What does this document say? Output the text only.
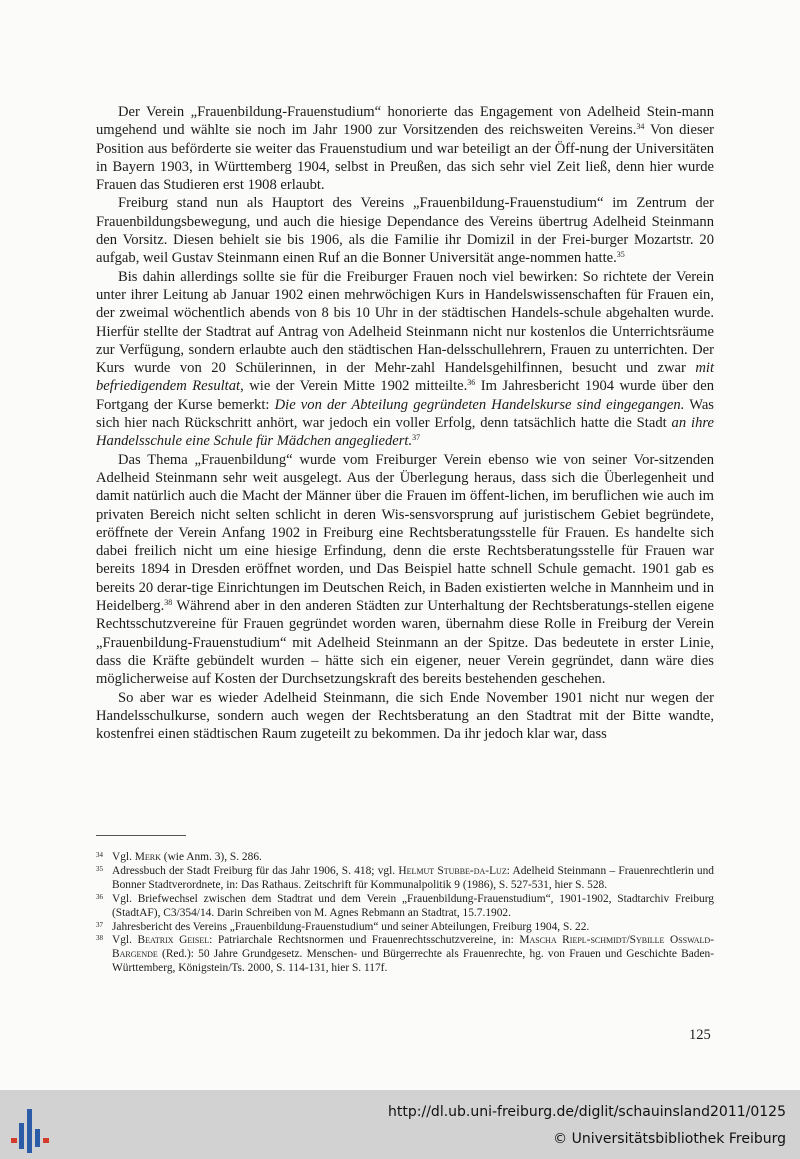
Der Verein „Frauenbildung-Frauenstudium“ honorierte das Engagement von Adelheid Stein-mann umgehend und wählte sie noch im Jahr 1900 zur Vorsitzenden des reichsweiten Vereins.$^{34}$ Von dieser Position aus beförderte sie weiter das Frauenstudium und war beteiligt an der Öff-nung der Universitäten in Bayern 1903, in Württemberg 1904, selbst in Preußen, das sich sehr viel Zeit ließ, denn hier wurde Frauen das Studieren erst 1908 erlaubt.

Freiburg stand nun als Hauptort des Vereins „Frauenbildung-Frauenstudium“ im Zentrum der Frauenbildungsbewegung, und auch die hiesige Dependance des Vereins übertrug Adelheid Steinmann den Vorsitz. Diesen behielt sie bis 1906, als die Familie ihr Domizil in der Frei-burger Mozartstr. 20 aufgab, weil Gustav Steinmann einen Ruf an die Bonner Universität ange-nommen hatte.$^{35}$

Bis dahin allerdings sollte sie für die Freiburger Frauen noch viel bewirken: So richtete der Verein unter ihrer Leitung ab Januar 1902 einen mehrwöchigen Kurs in Handelswissenschaften für Frauen ein, der zweimal wöchentlich abends von 8 bis 10 Uhr in der städtischen Handels-schule abgehalten wurde. Hierfür stellte der Stadtrat auf Antrag von Adelheid Steinmann nicht nur kostenlos die Unterrichtsräume zur Verfügung, sondern erlaubte auch den städtischen Han-delsschullehrern, Frauen zu unterrichten. Der Kurs wurde von 20 Schülerinnen, in der Mehr-zahl Handelsgehilfinnen, besucht und zwar mit befriedigendem Resultat, wie der Verein Mitte 1902 mitteilte.$^{36}$ Im Jahresbericht 1904 wurde über den Fortgang der Kurse bemerkt: Die von der Abteilung gegründeten Handelskurse sind eingegangen. Was sich hier nach Rückschritt anhört, war jedoch ein voller Erfolg, denn tatsächlich hatte die Stadt an ihre Handelsschule eine Schule für Mädchen angegliedert.$^{37}$

Das Thema „Frauenbildung“ wurde vom Freiburger Verein ebenso wie von seiner Vor-sitzenden Adelheid Steinmann sehr weit ausgelegt. Aus der Überlegung heraus, dass sich die Überlegenheit und damit natürlich auch die Macht der Männer über die Frauen im öffent-lichen, im beruflichen wie auch im privaten Bereich nicht selten schlicht in deren Wis-sensvorsprung auf juristischem Gebiet begründete, eröffnete der Verein Anfang 1902 in Freiburg eine Rechtsberatungsstelle für Frauen. Es handelte sich dabei freilich nicht um eine hiesige Erfindung, denn die erste Rechtsberatungsstelle für Frauen war bereits 1894 in Dresden eröffnet worden, und Das Beispiel hatte schnell Schule gemacht. 1901 gab es bereits 20 derar-tige Einrichtungen im Deutschen Reich, in Baden existierten welche in Mannheim und in Heidelberg.$^{38}$ Während aber in den anderen Städten zur Unterhaltung der Rechtsberatungs-stellen eigene Rechtsschutzvereine für Frauen gegründet worden waren, übernahm diese Rolle in Freiburg der Verein „Frauenbildung-Frauenstudium“ mit Adelheid Steinmann an der Spitze. Das bedeutete in erster Linie, dass die Kräfte gebündelt wurden – hätte sich ein eigener, neuer Verein gegründet, dann wäre dies möglicherweise auf Kosten der Durchsetzungskraft des bereits bestehenden geschehen.

So aber war es wieder Adelheid Steinmann, die sich Ende November 1901 nicht nur wegen der Handelsschulkurse, sondern auch wegen der Rechtsberatung an den Stadtrat mit der Bitte wandte, kostenfrei einen städtischen Raum zugeteilt zu bekommen. Da ihr jedoch klar war, dass

34 Vgl. Merk (wie Anm. 3), S. 286.

35 Adressbuch der Stadt Freiburg für das Jahr 1906, S. 418; vgl. Helmut Stubbe-da-Luz: Adelheid Steinmann – Frauenrechtlerin und Bonner Stadtverordnete, in: Das Rathaus. Zeitschrift für Kommunalpolitik 9 (1986), S. 527-531, hier S. 528.

36 Vgl. Briefwechsel zwischen dem Stadtrat und dem Verein „Frauenbildung-Frauenstudium“, 1901-1902, Stadtarchiv Freiburg (StadtAF), C3/354/14. Darin Schreiben von M. Agnes Rebmann an Stadtrat, 15.7.1902.

37 Jahresbericht des Vereins „Frauenbildung-Frauenstudium“ und seiner Abteilungen, Freiburg 1904, S. 22.

38 Vgl. Beatrix Geisel: Patriarchale Rechtsnormen und Frauenrechtsschutzvereine, in: Mascha Riepl-schmidt/Sybille Osswald-Bargende (Red.): 50 Jahre Grundgesetz. Menschen- und Bürgerrechte als Frauenrechte, hg. von Frauen und Geschichte Baden-Württemberg, Königstein/Ts. 2000, S. 114-131, hier S. 117f.

125
http://dl.ub.uni-freiburg.de/diglit/schauinsland2011/0125
© Universitätsbibliothek Freiburg
